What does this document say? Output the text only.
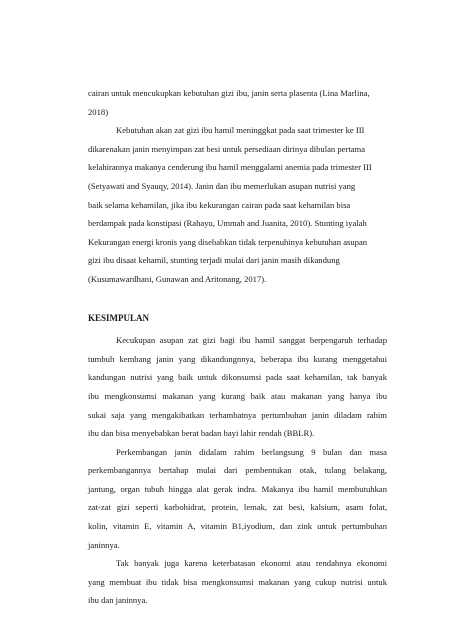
cairan untuk mencukupkan kebutuhan gizi ibu, janin serta plasenta (Lina Marlina,
2018)
Kebutuhan akan zat gizi ibu hamil meninggkat pada saat trimester ke III
dikarenakan janin menyimpan zat besi untuk persediaan dirinya dibulan pertama
kelahirannya makanya cenderung ibu hamil menggalami anemia pada trimester III
(Setyawati and Syauqy, 2014). Janin dan ibu memerlukan asupan nutrisi yang
baik selama kehamilan, jika ibu kekurangan cairan pada saat kehamilan bisa
berdampak pada konstipasi (Rahayu, Ummah and Juanita, 2010). Stunting iyalah
Kekurangan energi kronis yang disebabkan tidak terpenuhinya kebutuhan asupan
gizi ibu disaat kehamil, stunting terjadi mulai dari janin masih dikandung
(Kusumawardhani, Gunawan and Aritonang, 2017).
KESIMPULAN
Kecukupan asupan zat gizi bagi ibu hamil sanggat berpengaruh terhadap
tumbuh kembang janin yang dikandungnnya, beberapa ibu kurang menggetahui
kandungan nutrisi yang baik untuk dikonsumsi pada saat kehamilan, tak banyak
ibu mengkonsumsi makanan yang kurang baik atau makanan yang hanya ibu
sukai saja yang mengakibatkan terhambatnya pertumbuhan janin diladam rahim
ibu dan bisa menyebabkan berat badan bayi lahir rendah (BBLR).
Perkembangan janin didalam rahim berlangsung 9 bulan dan masa
perkembangannya bertahap mulai dari pembentukan otak, tulang belakang,
jantung, organ tubuh hingga alat gerak indra. Makanya ibu hamil membutuhkan
zat-zat gizi seperti karbohidrat, protein, lemak, zat besi, kalsium, asam folat,
kolin, vitamin E, vitamin A, vitamin B1,iyodium, dan zink untuk pertumbuhan
janinnya.
Tak banyak juga karena keterbatasan ekonomi atau rendahnya ekonomi
yang membuat ibu tidak bisa mengkonsumsi makanan yang cukup nutrisi untuk
ibu dan janinnya.
